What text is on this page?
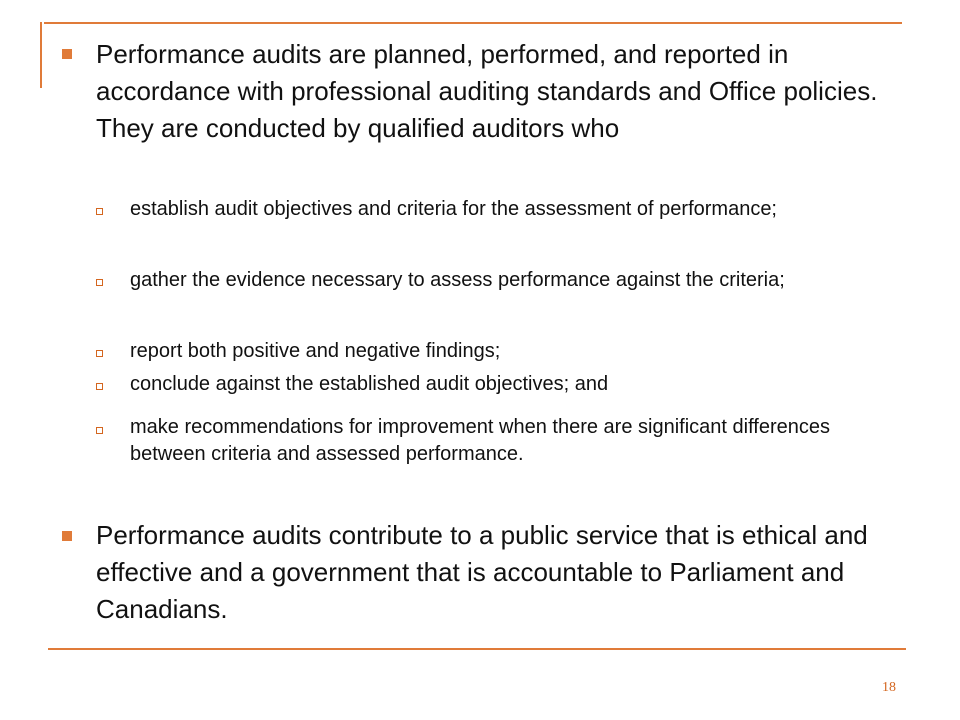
Performance audits are planned, performed, and reported in accordance with professional auditing standards and Office policies. They are conducted by qualified auditors who
establish audit objectives and criteria for the assessment of performance;
gather the evidence necessary to assess performance against the criteria;
report both positive and negative findings;
conclude against the established audit objectives; and
make recommendations for improvement when there are significant differences between criteria and assessed performance.
Performance audits contribute to a public service that is ethical and effective and a government that is accountable to Parliament and Canadians.
18
